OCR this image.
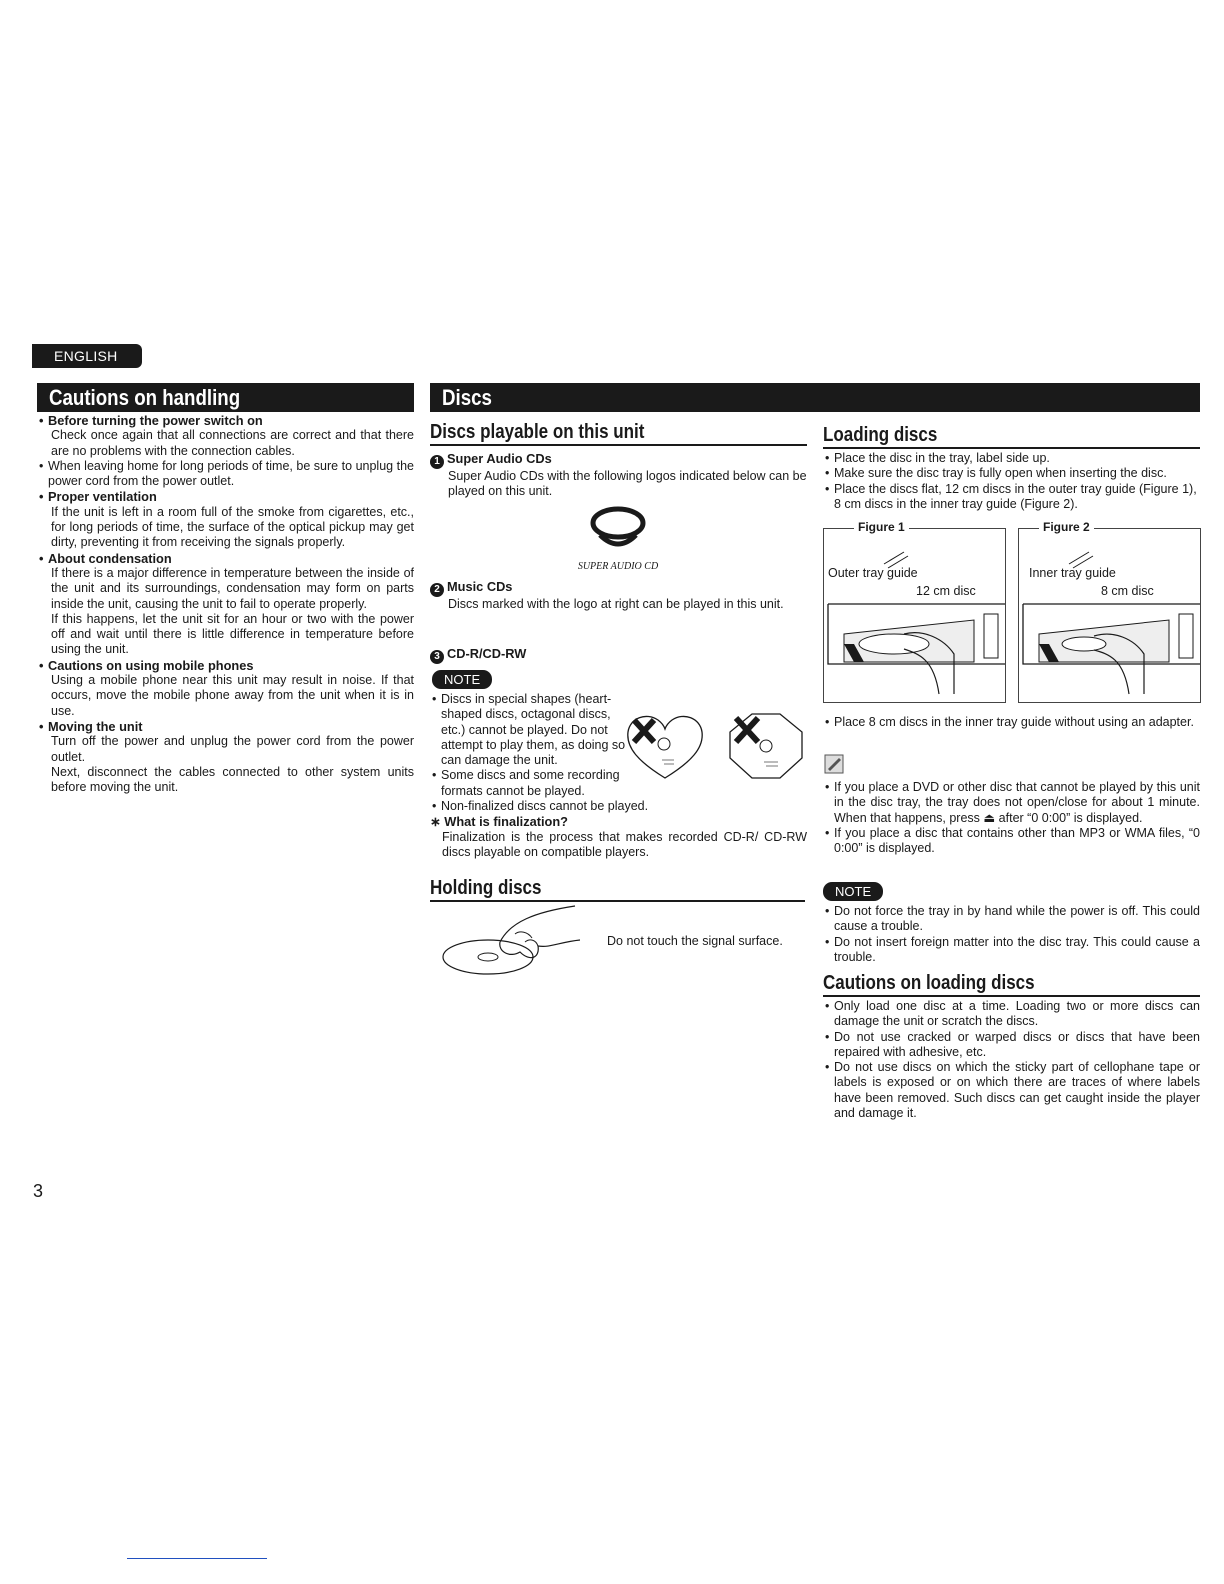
ENGLISH
Cautions on handling
• Before turning the power switch on
Check once again that all connections are correct and that there are no problems with the connection cables.
• When leaving home for long periods of time, be sure to unplug the power cord from the power outlet.
• Proper ventilation
If the unit is left in a room full of the smoke from cigarettes, etc., for long periods of time, the surface of the optical pickup may get dirty, preventing it from receiving the signals properly.
• About condensation
If there is a major difference in temperature between the inside of the unit and its surroundings, condensation may form on parts inside the unit, causing the unit to fail to operate properly.
If this happens, let the unit sit for an hour or two with the power off and wait until there is little difference in temperature before using the unit.
• Cautions on using mobile phones
Using a mobile phone near this unit may result in noise. If that occurs, move the mobile phone away from the unit when it is in use.
• Moving the unit
Turn off the power and unplug the power cord from the power outlet.
Next, disconnect the cables connected to other system units before moving the unit.
Discs
Discs playable on this unit
1 Super Audio CDs
Super Audio CDs with the following logos indicated below can be played on this unit.
SUPER AUDIO CD
2 Music CDs
Discs marked with the logo at right can be played in this unit.
3 CD-R/CD-RW
NOTE
• Discs in special shapes (heart-shaped discs, octagonal discs, etc.) cannot be played. Do not attempt to play them, as doing so can damage the unit.
• Some discs and some recording formats cannot be played.
• Non-finalized discs cannot be played.
∗ What is finalization?
Finalization is the process that makes recorded CD-R/ CD-RW discs playable on compatible players.
Holding discs
Do not touch the signal surface.
Loading discs
• Place the disc in the tray, label side up.
• Make sure the disc tray is fully open when inserting the disc.
• Place the discs flat, 12 cm discs in the outer tray guide (Figure 1), 8 cm discs in the inner tray guide (Figure 2).
Figure 1
Outer tray guide
12 cm disc
Figure 2
Inner tray guide
8 cm disc
• Place 8 cm discs in the inner tray guide without using an adapter.
• If you place a DVD or other disc that cannot be played by this unit in the disc tray, the tray does not open/close for about 1 minute. When that happens, press ⏏ after “0 0:00” is displayed.
• If you place a disc that contains other than MP3 or WMA files, “0 0:00” is displayed.
NOTE
• Do not force the tray in by hand while the power is off. This could cause a trouble.
• Do not insert foreign matter into the disc tray. This could cause a trouble.
Cautions on loading discs
• Only load one disc at a time. Loading two or more discs can damage the unit or scratch the discs.
• Do not use cracked or warped discs or discs that have been repaired with adhesive, etc.
• Do not use discs on which the sticky part of cellophane tape or labels is exposed or on which there are traces of where labels have been removed. Such discs can get caught inside the player and damage it.
3
